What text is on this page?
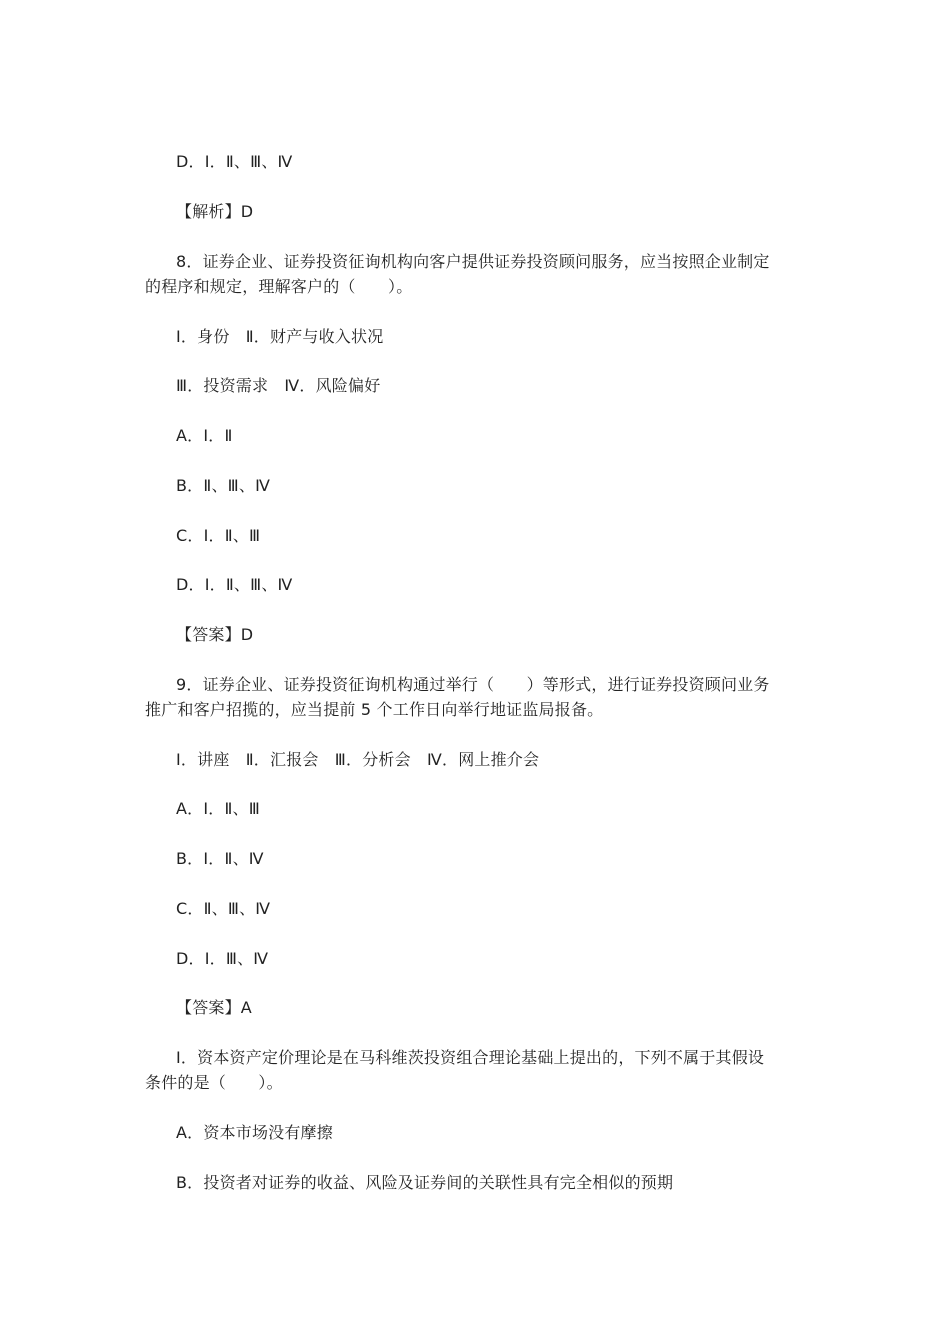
D．Ⅰ．Ⅱ、Ⅲ、Ⅳ
【解析】D
8．证券企业、证券投资征询机构向客户提供证券投资顾问服务，应当按照企业制定
的程序和规定，理解客户的（　　）。
Ⅰ．身份　Ⅱ．财产与收入状况
Ⅲ．投资需求　Ⅳ．风险偏好
A．Ⅰ．Ⅱ
B．Ⅱ、Ⅲ、Ⅳ
C．Ⅰ．Ⅱ、Ⅲ
D．Ⅰ．Ⅱ、Ⅲ、Ⅳ
【答案】D
9．证券企业、证券投资征询机构通过举行（　　）等形式，进行证券投资顾问业务
推广和客户招揽的，应当提前 5 个工作日向举行地证监局报备。
Ⅰ．讲座　Ⅱ．汇报会　Ⅲ．分析会　Ⅳ．网上推介会
A．Ⅰ．Ⅱ、Ⅲ
B．Ⅰ．Ⅱ、Ⅳ
C．Ⅱ、Ⅲ、Ⅳ
D．Ⅰ．Ⅲ、Ⅳ
【答案】A
Ⅰ．资本资产定价理论是在马科维茨投资组合理论基础上提出的，下列不属于其假设
条件的是（　　）。
A．资本市场没有摩擦
B．投资者对证券的收益、风险及证券间的关联性具有完全相似的预期
